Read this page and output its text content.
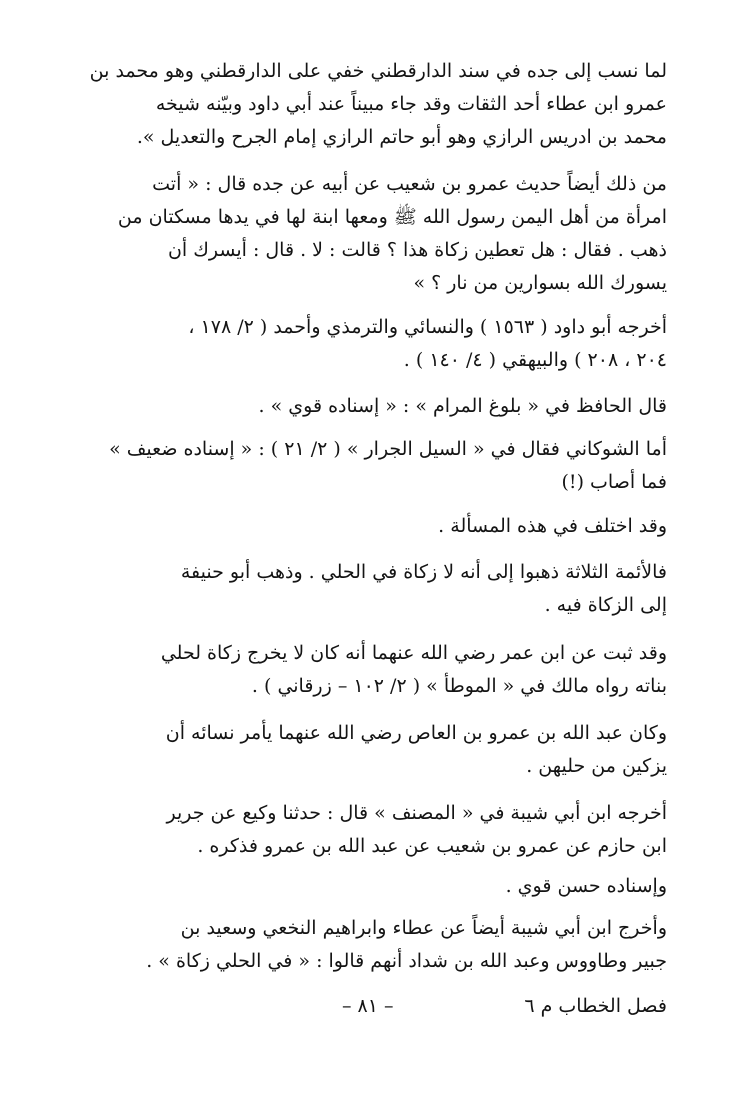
لما نسب إلى جده في سند الدارقطني خفي على الدارقطني وهو محمد بن
عمرو ابن عطاء أحد الثقات وقد جاء مبيناً عند أبي داود وبيّنه شيخه
محمد بن ادريس الرازي وهو أبو حاتم الرازي إمام الجرح والتعديل ».
من ذلك أيضاً حديث عمرو بن شعيب عن أبيه عن جده قال : « أتت
امرأة من أهل اليمن رسول الله ﷺ ومعها ابنة لها في يدها مسكتان من
ذهب . فقال : هل تعطين زكاة هذا ؟ قالت : لا . قال : أيسرك أن
يسورك الله بسوارين من نار ؟ »
أخرجه أبو داود ( ١٥٦٣ ) والنسائي والترمذي وأحمد ( ٢/ ١٧٨ ،
٢٠٤ ، ٢٠٨ ) والبيهقي ( ٤/ ١٤٠ ) .
قال الحافظ في « بلوغ المرام » : « إسناده قوي » .
أما الشوكاني فقال في « السيل الجرار » ( ٢/ ٢١ ) : « إسناده ضعيف »
فما أصاب (!)
وقد اختلف في هذه المسألة .
فالأئمة الثلاثة ذهبوا إلى أنه لا زكاة في الحلي . وذهب أبو حنيفة
إلى الزكاة فيه .
وقد ثبت عن ابن عمر رضي الله عنهما أنه كان لا يخرج زكاة لحلي
بناته رواه مالك في « الموطأ » ( ٢/ ١٠٢ – زرقاني ) .
وكان عبد الله بن عمرو بن العاص رضي الله عنهما يأمر نسائه أن
يزكين من حليهن .
أخرجه ابن أبي شيبة في « المصنف » قال : حدثنا وكيع عن جرير
ابن حازم عن عمرو بن شعيب عن عبد الله بن عمرو فذكره .
وإسناده حسن قوي .
وأخرج ابن أبي شيبة أيضاً عن عطاء وابراهيم النخعي وسعيد بن
جبير وطاووس وعبد الله بن شداد أنهم قالوا : « في الحلي زكاة » .
فصل الخطاب م ٦
– ٨١ –
